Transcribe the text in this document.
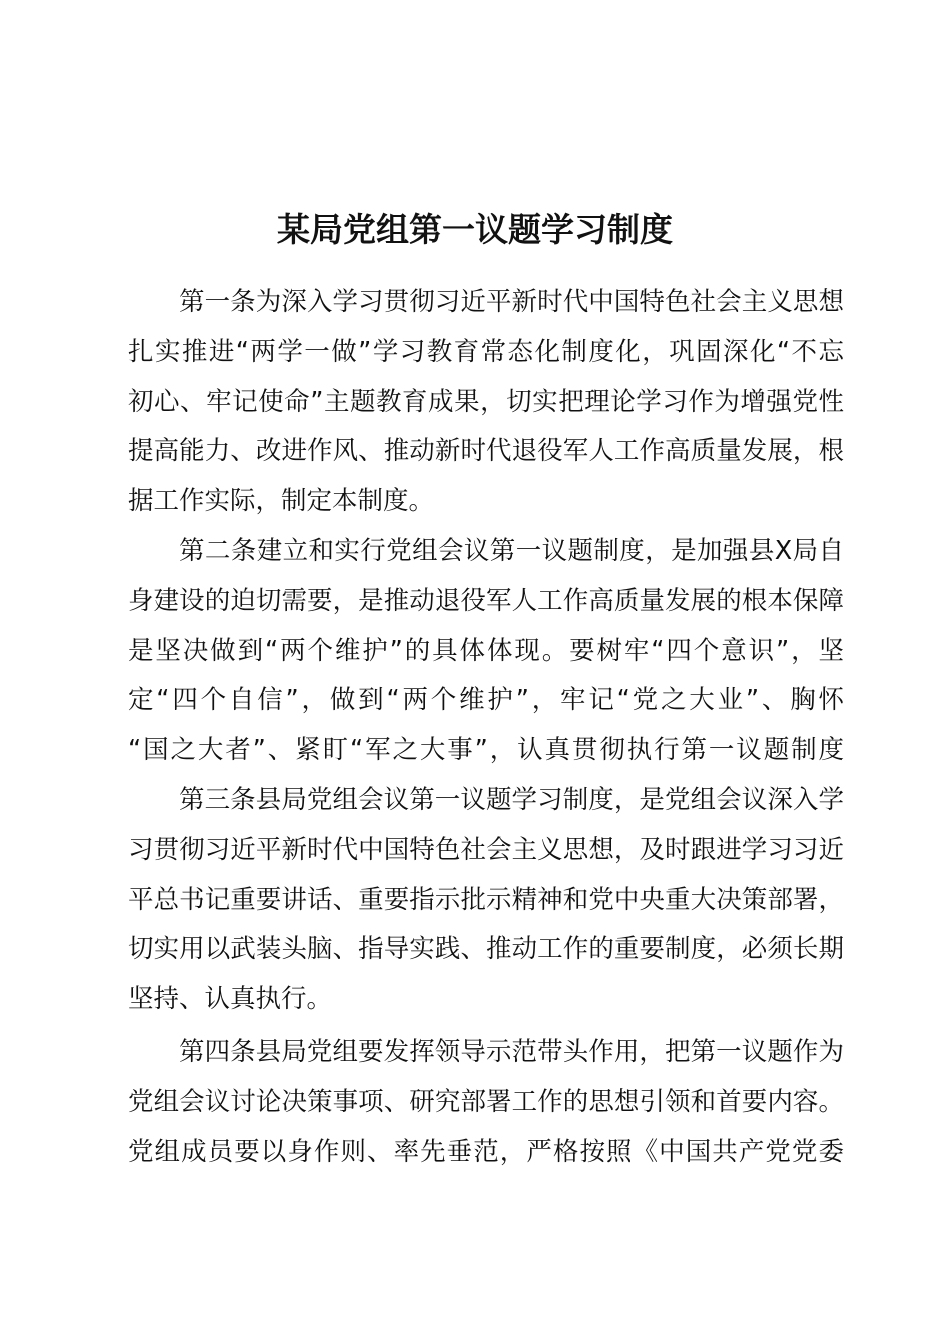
某局党组第一议题学习制度
第一条为深入学习贯彻习近平新时代中国特色社会主义思想
扎实推进“两学一做”学习教育常态化制度化，巩固深化“不忘
初心、牢记使命”主题教育成果，切实把理论学习作为增强党性
提高能力、改进作风、推动新时代退役军人工作高质量发展，根
据工作实际，制定本制度。
第二条建立和实行党组会议第一议题制度，是加强县X局自
身建设的迫切需要，是推动退役军人工作高质量发展的根本保障
是坚决做到“两个维护”的具体体现。要树牢“四个意识”，坚
定“四个自信”，做到“两个维护”，牢记“党之大业”、胸怀
“国之大者”、紧盯“军之大事”，认真贯彻执行第一议题制度
第三条县局党组会议第一议题学习制度，是党组会议深入学
习贯彻习近平新时代中国特色社会主义思想，及时跟进学习习近
平总书记重要讲话、重要指示批示精神和党中央重大决策部署，
切实用以武装头脑、指导实践、推动工作的重要制度，必须长期
坚持、认真执行。
第四条县局党组要发挥领导示范带头作用，把第一议题作为
党组会议讨论决策事项、研究部署工作的思想引领和首要内容。
党组成员要以身作则、率先垂范，严格按照《中国共产党党委
